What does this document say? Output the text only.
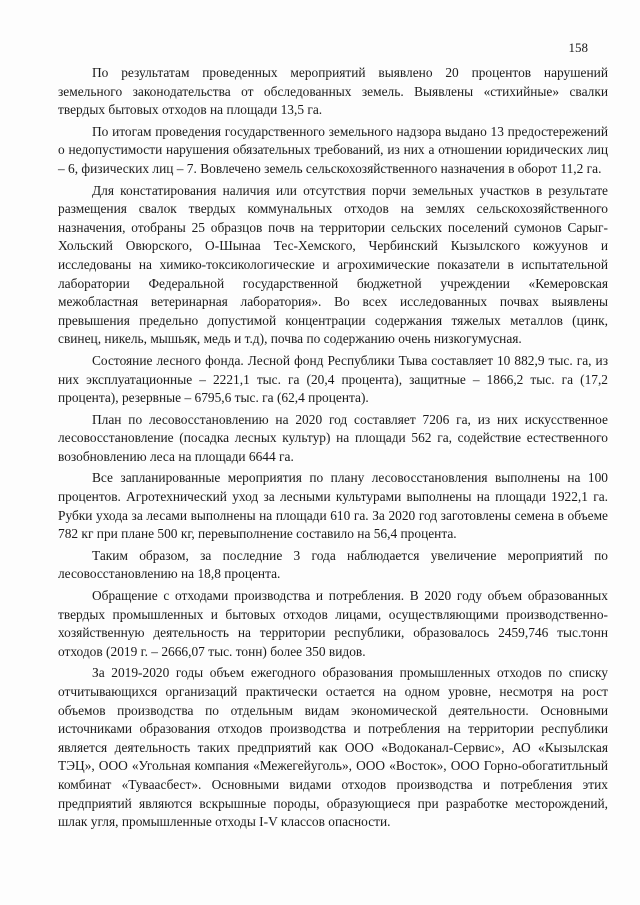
158

По результатам проведенных мероприятий выявлено 20 процентов нарушений земельного законодательства от обследованных земель. Выявлены «стихийные» свалки твердых бытовых отходов на площади 13,5 га.

По итогам проведения государственного земельного надзора выдано 13 предостережений о недопустимости нарушения обязательных требований, из них а отношении юридических лиц – 6, физических лиц – 7. Вовлечено земель сельскохозяйственного назначения в оборот 11,2 га.

Для констатирования наличия или отсутствия порчи земельных участков в результате размещения свалок твердых коммунальных отходов на землях сельскохозяйственного назначения, отобраны 25 образцов почв на территории сельских поселений сумонов Сарыг-Хольский Овюрского, О-Шынаа Тес-Хемского, Чербинский Кызылского кожуунов и исследованы на химико-токсикологические и агрохимические показатели в испытательной лаборатории Федеральной государственной бюджетной учреждении «Кемеровская межобластная ветеринарная лаборатория». Во всех исследованных почвах выявлены превышения предельно допустимой концентрации содержания тяжелых металлов (цинк, свинец, никель, мышьяк, медь и т.д), почва по содержанию очень низкогумусная.

Состояние лесного фонда. Лесной фонд Республики Тыва составляет 10 882,9 тыс. га, из них эксплуатационные – 2221,1 тыс. га (20,4 процента), защитные – 1866,2 тыс. га (17,2 процента), резервные – 6795,6 тыс. га (62,4 процента).

План по лесовосстановлению на 2020 год составляет 7206 га, из них искусственное лесовосстановление (посадка лесных культур) на площади 562 га, содействие естественного возобновлению леса на площади 6644 га.

Все запланированные мероприятия по плану лесовосстановления выполнены на 100 процентов. Агротехнический уход за лесными культурами выполнены на площади 1922,1 га. Рубки ухода за лесами выполнены на площади 610 га. За 2020 год заготовлены семена в объеме 782 кг при плане 500 кг, перевыполнение составило на 56,4 процента.

Таким образом, за последние 3 года наблюдается увеличение мероприятий по лесовосстановлению на 18,8 процента.

Обращение с отходами производства и потребления. В 2020 году объем образованных твердых промышленных и бытовых отходов лицами, осуществляющими производственно-хозяйственную деятельность на территории республики, образовалось 2459,746 тыс.тонн отходов (2019 г. – 2666,07 тыс. тонн) более 350 видов.

За 2019-2020 годы объем ежегодного образования промышленных отходов по списку отчитывающихся организаций практически остается на одном уровне, несмотря на рост объемов производства по отдельным видам экономической деятельности. Основными источниками образования отходов производства и потребления на территории республики является деятельность таких предприятий как ООО «Водоканал-Сервис», АО «Кызылская ТЭЦ», ООО «Угольная компания «Межегейуголь», ООО «Восток», ООО Горно-обогатитльный комбинат «Туваасбест». Основными видами отходов производства и потребления этих предприятий являются вскрышные породы, образующиеся при разработке месторождений, шлак угля, промышленные отходы I-V классов опасности.
